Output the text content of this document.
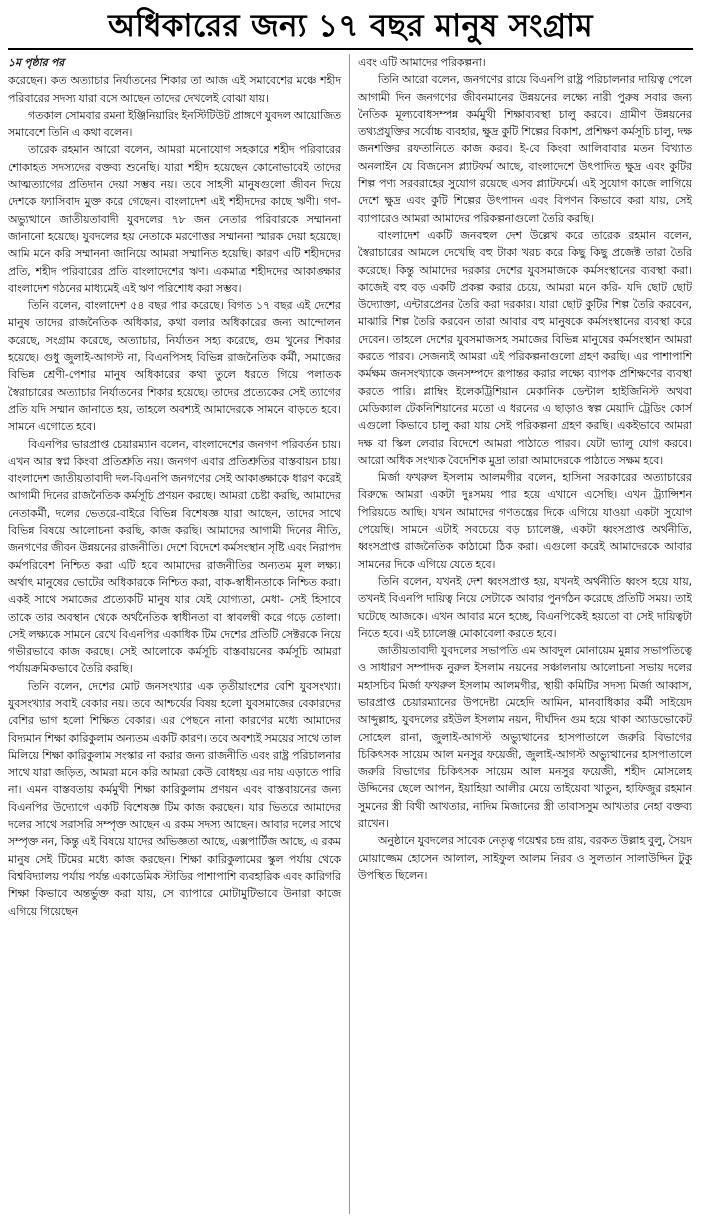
অধিকারের জন্য ১৭ বছর মানুষ সংগ্রাম

১ম পৃষ্ঠার পর

করেছেন। কত অত্যাচার নির্যাতনের শিকার তা আজ এই সমাবেশের মঞ্চে শহীদ পরিবারের সদস্য যারা বসে আছেন তাদের দেখলেই বোঝা যায়।

গতকাল সোমবার রমনা ইঞ্জিনিয়ারিং ইনস্টিটিউট প্রাঙ্গণে যুবদল আয়োজিত সমাবেশে তিনি এ কথা বলেন।

তারেক রহমান আরো বলেন, আমরা মনোযোগ সহকারে শহীদ পরিবারের শোকাহত সদস্যদের বক্তব্য শুনেছি। যারা শহীদ হয়েছেন কোনোভাবেই তাদের আত্মত্যাগের প্রতিদান দেয়া সম্ভব নয়। তবে সাহসী মানুষগুলো জীবন দিয়ে দেশকে ফ্যাসিবাদ মুক্ত করে গেছেন। বাংলাদেশ এই শহীদদের কাছে ঋণী। গণ-অভ্যুত্থানে জাতীয়তাবাদী যুবদলের ৭৮ জন নেতার পরিবারকে সম্মাননা জানানো হয়েছে। যুবদলের হয় নেতাকে মরণোত্তর সম্মাননা স্মারক দেয়া হয়েছে। আমি মনে করি সম্মাননা জানিয়ে আমরা সম্মানিত হয়েছি। কারণ এটি শহীদদের প্রতি, শহীদ পরিবারের প্রতি বাংলাদেশের ঋণ। একমাত্র শহীদদের আকাঙ্ক্ষার বাংলাদেশ গঠনের মাধ্যমেই এই ঋণ পরিশোধ করা সম্ভব।

তিনি বলেন, বাংলাদেশ ৫৪ বছর পার করেছে। বিগত ১৭ বছর এই দেশের মানুষ তাদের রাজনৈতিক অধিকার, কথা বলার অধিকারের জন্য আন্দোলন করেছে, সংগ্রাম করেছে, অত্যাচার, নির্যাতন সহ্য করেছে, গুম খুনের শিকার হয়েছে। গুধু জুলাই-আগস্ট না, বিএনপিসহ বিভিন্ন রাজনৈতিক কর্মী, সমাজের বিভিন্ন শ্রেণী-পেশার মানুষ অধিকারের কথা তুলে ধরতে গিয়ে পলাতক স্বৈরাচারের অত্যাচার নির্যাতনের শিকার হয়েছে। তাদের প্রত্যেকের সেই ত্যাগের প্রতি যদি সম্মান জানাতে হয়, তাহলে অবশ্যই আমাদেরকে সামনে বাড়তে হবে। সামনে এগোতে হবে।

বিএনপির ভারপ্রাপ্ত চেয়ারম্যান বলেন, বাংলাদেশের জনগণ পরিবর্তন চায়। এখন আর স্বপ্ন কিংবা প্রতিশ্রুতি নয়। জনগণ এবার প্রতিশ্রুতির বাস্তবায়ন চায়। বাংলাদেশ জাতীয়তাবাদী দল-বিএনপি জনগণের সেই আকাঙ্ক্ষাকে ধারণ করেই আগামী দিনের রাজনৈতিক কর্মসূচি প্রণয়ন করছে। আমরা চেষ্টা করছি, আমাদের নেতাকর্মী, দলের ভেতরে-বাইরে বিভিন্ন বিশেষজ্ঞ যারা আছেন, তাদের সাথে বিভিন্ন বিষয়ে আলোচনা করছি, কাজ করছি। আমাদের আগামী দিনের নীতি, জনগণের জীবন উন্নয়নের রাজনীতি। দেশে বিদেশে কর্মসংস্থান সৃষ্টি এবং নিরাপদ কর্মপরিবেশ নিশ্চিত করা এটি হবে আমাদের রাজনীতির অন্যতম মূল লক্ষ্য। অর্থাৎ মানুষের ভোটের অধিকারকে নিশ্চিত করা, বাক-স্বাধীনতাকে নিশ্চিত করা। একই সাথে সমাজের প্রত্যেকটি মানুষ যার যেই যোগ্যতা, মেধা- সেই হিসাবে তাকে তার অবস্থান থেকে অর্থনৈতিক স্বাধীনতা বা স্বাবলম্বী করে গড়ে তোলা। সেই লক্ষ্যকে সামনে রেখে বিএনপির একাধিক টিম দেশের প্রতিটি সেক্টরকে নিয়ে গভীরভাবে কাজ করছে। সেই আলোকে কর্মসূচি বাস্তবায়নের কর্মসূচি আমরা পর্যায়ক্রমিকভাবে তৈরি করছি।

তিনি বলেন, দেশের মোট জনসংখ্যার এক তৃতীয়াংশের বেশি যুবসংখ্যা। যুবসংখ্যার সবাই বেকার নয়। তবে আশ্চর্যের বিষয় হলো যুবসমাজের বেকারদের বেশির ভাগ হলো শিক্ষিত বেকার। এর পেছনে নানা কারণের মধ্যে আমাদের বিদ্যমান শিক্ষা কারিকুলাম অন্যতম একটি কারণ। তবে অবশ্যই সময়ের সাথে তাল মিলিয়ে শিক্ষা কারিকুলাম সংস্কার না করার জন্য রাজনীতি এবং রাষ্ট্র পরিচালনার সাথে যারা জড়িত, আমরা মনে করি আমরা কেউ বোধহয় এর দায় এড়াতে পারি না। এমন বাস্তবতায় কর্মমুখী শিক্ষা কারিকুলাম প্রণয়ন এবং বাস্তবায়নের জন্য বিএনপির উদ্যোগে একটি বিশেষজ্ঞ টিম কাজ করছেন। যার ভিতরে আমাদের দলের সাথে সরাসরি সম্পৃক্ত আছেন এ রকম সদস্য আছেন। আবার দলের সাথে সম্পৃক্ত নন, কিন্তু এই বিষয়ে যাদের অভিজ্ঞতা আছে, এক্সপার্টিজ আছে, এ রকম মানুষ সেই টিমের মধ্যে কাজ করছেন। শিক্ষা কারিকুলামের স্কুল পর্যায় থেকে বিশ্ববিদ্যালয় পর্যায় পর্যন্ত একাডেমিক স্টাডির পাশাপাশি ব্যবহারিক এবং কারিগরি শিক্ষা কিভাবে অন্তর্ভুক্ত করা যায়, সে ব্যাপারে মোটামুটিভাবে উনারা কাজে এগিয়ে গিয়েছেন

এবং এটি আমাদের পরিকল্পনা।

তিনি আরো বলেন, জনগণের রায়ে বিএনপি রাষ্ট্র পরিচালনার দায়িত্ব পেলে আগামী দিন জনগণের জীবনমানের উন্নয়নের লক্ষ্যে নারী পুরুষ সবার জন্য নৈতিক মূল্যবোধসম্পন্ন কর্মমুখী শিক্ষাব্যবস্থা চালু করবে। গ্রামীণ উন্নয়নের তথ্যপ্রযুক্তির সর্বোচ্চ ব্যবহার, ক্ষুদ্র কুটি শিল্পের বিকাশ, প্রশিক্ষণ কর্মসূচি চালু, দক্ষ জনশক্তির রফতানিতে কাজ করব। ই-বে কিংবা আলিবাবার মতন বিখ্যাত অনলাইন যে বিজনেস প্ল্যাটফর্ম আছে, বাংলাদেশে উৎপাদিত ক্ষুদ্র এবং কুটির শিল্প পণ্য সরবরাহের সুযোগ রয়েছে এসব প্ল্যাটফর্মে। এই সুযোগ কাজে লাগিয়ে দেশে ক্ষুদ্র এবং কুটি শিল্পের উৎপাদন এবং বিপণন কিভাবে করা যায়, সেই ব্যাপারেও আমরা আমাদের পরিকল্পনাগুলো তৈরি করছি।

বাংলাদেশ একটি জনবহুল দেশ উল্লেখ করে তারেক রহমান বলেন, স্বৈরাচারের আমলে দেখেছি বহু টাকা খরচ করে কিছু কিছু প্রজেক্ট তারা তৈরি করেছে। কিন্তু আমাদের দরকার দেশের যুবসমাজকে কর্মসংস্থানের ব্যবস্থা করা। কাজেই বহু বড় একটি প্রকল্প করার চেয়ে, আমরা মনে করি- যদি ছোট ছোট উদ্যোক্তা, এন্টারপ্রেনর তৈরি করা দরকার। যারা ছোট কুটির শিল্প তৈরি করবেন, মাঝারি শিল্প তৈরি করবেন তারা আবার বহু মানুষকে কর্মসংস্থানের ব্যবস্থা করে দেবেন। তাহলে দেশের যুবসমাজসহ সমাজের বিভিন্ন মানুষের কর্মসংস্থান আমরা করতে পারব। সেজন্যই আমরা এই পরিকল্পনাগুলো গ্রহণ করছি। এর পাশাপাশি কর্মক্ষম জনসংখ্যাকে জনসম্পদে রূপান্তর করার লক্ষ্যে ব্যাপক প্রশিক্ষণের ব্যবস্থা করতে পারি। প্লাম্বিং ইলেকট্রিশিয়ান মেকানিক ডেন্টাল হাইজিনিস্ট অথবা মেডিক্যাল টেকনিশিয়ানের মতো এ ধরনের এ ছাড়াও স্বল্প মেয়াদি ট্রেডিং কোর্স এগুলো কিভাবে চালু করা যায় সেই পরিকল্পনা গ্রহণ করছি। একইভাবে আমরা দক্ষ বা স্কিল লেবার বিদেশে আমরা পাঠাতে পারব। যেটা ভ্যালু যোগ করবে। আরো অধিক সংখ্যক বৈদেশিক মুদ্রা তারা আমাদেরকে পাঠাতে সক্ষম হবে।

মির্জা ফখরুল ইসলাম আলমগীর বলেন, হাসিনা সরকারের অত্যাচারের বিরুদ্ধে আমরা একটা দুঃসময় পার হয়ে এখানে এসেছি। এখন ট্র্যান্সিশন পিরিয়ডে আছি। যখন আমাদের গণতন্ত্রের দিকে এগিয়ে যাওয়া একটা সুযোগ পেয়েছি। সামনে এটাই সবচেয়ে বড় চ্যালেঞ্জ, একটা ধ্বংসপ্রাপ্ত অর্থনীতি, ধ্বংসপ্রাপ্ত রাজনৈতিক কাঠামো ঠিক করা। এগুলো করেই আমাদেরকে আবার সামনের দিকে এগিয়ে যেতে হবে।

তিনি বলেন, যখনই দেশ ধ্বংসপ্রাপ্ত হয়, যখনই অর্থনীতি ধ্বংস হয়ে যায়, তখনই বিএনপি দায়িত্ব নিয়ে সেটাকে আবার পুনর্গঠন করেছে প্রতিটি সময়। তাই ঘটেছে আজকে। এখন আবার মনে হচ্ছে, বিএনপিকেই হয়তো বা সেই দায়িত্বটা নিতে হবে। এই চ্যালেঞ্জ মোকাবেলা করতে হবে।

জাতীয়তাবাদী যুবদলের সভাপতি এম আবদুল মোনায়েম মুন্নার সভাপতিত্বে ও সাধারণ সম্পাদক নুরুল ইসলাম নয়নের সঞ্চালনায় আলোচনা সভায় দলের মহাসচিব মির্জা ফখরুল ইসলাম আলমগীর, স্থায়ী কমিটির সদস্য মির্জা আব্বাস, ভারপ্রাপ্ত চেয়ারম্যানের উপদেষ্টা মেহেদি আমিন, মানবাধিকার কর্মী সাইয়েদ আব্দুল্লাহ, যুবদলের রইউল ইসলাম নয়ন, দীর্ঘদিন গুম হয়ে থাকা অ্যাডভোকেট সোহেল রানা, জুলাই-আগস্ট অভ্যুত্থানের হাসপাতালে জরুরি বিভাগের চিকিৎসক সায়েম আল মনসুর ফয়েজী, জুলাই-আগস্ট অভ্যুত্থানের হাসপাতালে জরুরি বিভাগের চিকিৎসক সায়েম আল মনসুর ফয়েজী, শহীদ মোসলেহ উদ্দিনের ছেলে আপন, ইয়াহিয়া আলীর মেয়ে তাইয়েবা খাতুন, হাফিজুর রহমান সুমনের স্ত্রী বিথী আখতার, নাদিম মিজানের স্ত্রী তাবাসসুম আখতার নেহা বক্তব্য রাখেন।

অনুষ্ঠানে যুবদলের সাবেক নেতৃত্ব গয়েশ্বর চন্দ্র রায়, বরকত উল্লাহ বুলু, সৈয়দ মোয়াজ্জেম হোসেন আলাল, সাইফুল আলম নিরব ও সুলতান সালাউদ্দিন টুকু উপস্থিত ছিলেন।
